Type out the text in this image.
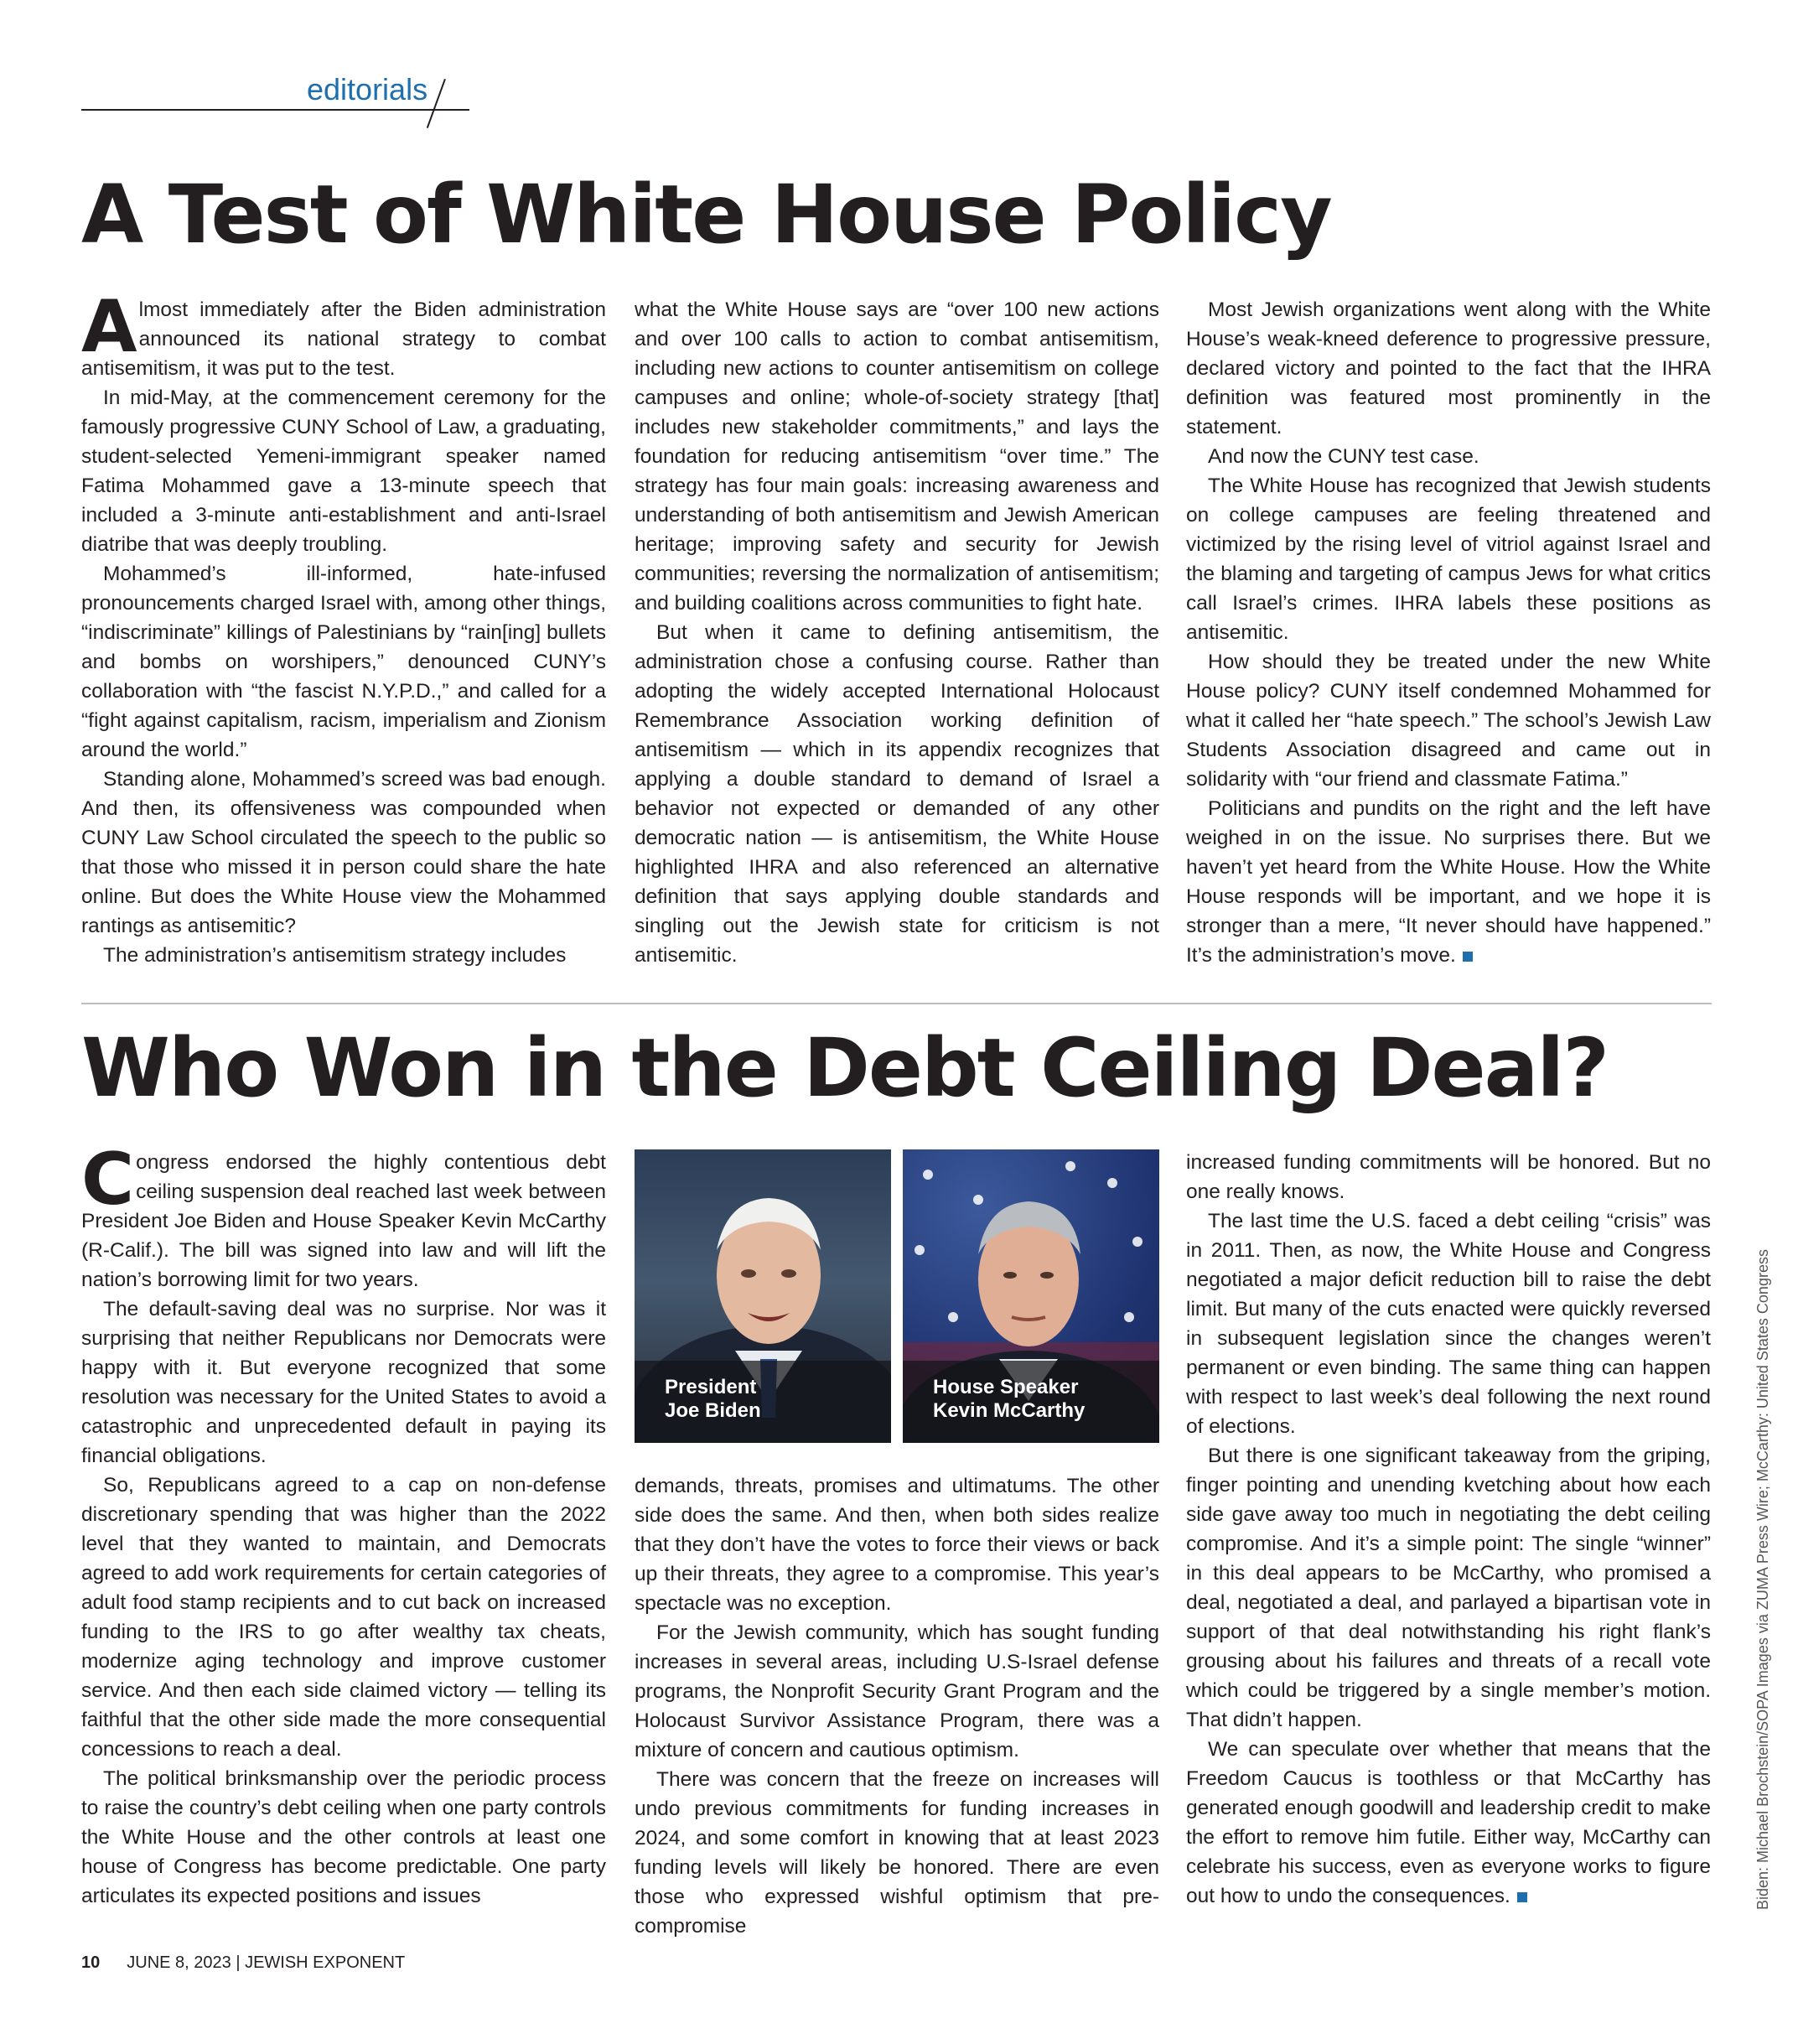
editorials
A Test of White House Policy

Almost immediately after the Biden administration announced its national strategy to combat antisemitism, it was put to the test.

In mid-May, at the commencement ceremony for the famously progressive CUNY School of Law, a graduating, student-selected Yemeni-immigrant speaker named Fatima Mohammed gave a 13-minute speech that included a 3-minute anti-establishment and anti-Israel diatribe that was deeply troubling.

Mohammed’s ill-informed, hate-infused pronouncements charged Israel with, among other things, “indiscriminate” killings of Palestinians by “rain[ing] bullets and bombs on worshipers,” denounced CUNY’s collaboration with “the fascist N.Y.P.D.,” and called for a “fight against capitalism, racism, imperialism and Zionism around the world.”

Standing alone, Mohammed’s screed was bad enough. And then, its offensiveness was compounded when CUNY Law School circulated the speech to the public so that those who missed it in person could share the hate online. But does the White House view the Mohammed rantings as antisemitic?

The administration’s antisemitism strategy includes

what the White House says are “over 100 new actions and over 100 calls to action to combat antisemitism, including new actions to counter antisemitism on college campuses and online; whole-of-society strategy [that] includes new stakeholder commitments,” and lays the foundation for reducing antisemitism “over time.” The strategy has four main goals: increasing awareness and understanding of both antisemitism and Jewish American heritage; improving safety and security for Jewish communities; reversing the normalization of antisemitism; and building coalitions across communities to fight hate.

But when it came to defining antisemitism, the administration chose a confusing course. Rather than adopting the widely accepted International Holocaust Remembrance Association working definition of antisemitism — which in its appendix recognizes that applying a double standard to demand of Israel a behavior not expected or demanded of any other democratic nation — is antisemitism, the White House highlighted IHRA and also referenced an alternative definition that says applying double standards and singling out the Jewish state for criticism is not antisemitic.

Most Jewish organizations went along with the White House’s weak-kneed deference to progressive pressure, declared victory and pointed to the fact that the IHRA definition was featured most prominently in the statement.

And now the CUNY test case.

The White House has recognized that Jewish students on college campuses are feeling threatened and victimized by the rising level of vitriol against Israel and the blaming and targeting of campus Jews for what critics call Israel’s crimes. IHRA labels these positions as antisemitic.

How should they be treated under the new White House policy? CUNY itself condemned Mohammed for what it called her “hate speech.” The school’s Jewish Law Students Association disagreed and came out in solidarity with “our friend and classmate Fatima.”

Politicians and pundits on the right and the left have weighed in on the issue. No surprises there. But we haven’t yet heard from the White House. How the White House responds will be important, and we hope it is stronger than a mere, “It never should have happened.” It’s the administration’s move.

Who Won in the Debt Ceiling Deal?

Congress endorsed the highly contentious debt ceiling suspension deal reached last week between President Joe Biden and House Speaker Kevin McCarthy (R-Calif.). The bill was signed into law and will lift the nation’s borrowing limit for two years.

The default-saving deal was no surprise. Nor was it surprising that neither Republicans nor Democrats were happy with it. But everyone recognized that some resolution was necessary for the United States to avoid a catastrophic and unprecedented default in paying its financial obligations.

So, Republicans agreed to a cap on non-defense discretionary spending that was higher than the 2022 level that they wanted to maintain, and Democrats agreed to add work requirements for certain categories of adult food stamp recipients and to cut back on increased funding to the IRS to go after wealthy tax cheats, modernize aging technology and improve customer service. And then each side claimed victory — telling its faithful that the other side made the more consequential concessions to reach a deal.

The political brinksmanship over the periodic process to raise the country’s debt ceiling when one party controls the White House and the other controls at least one house of Congress has become predictable. One party articulates its expected positions and issues

President
Joe Biden
House Speaker
Kevin McCarthy

demands, threats, promises and ultimatums. The other side does the same. And then, when both sides realize that they don’t have the votes to force their views or back up their threats, they agree to a compromise. This year’s spectacle was no exception.

For the Jewish community, which has sought funding increases in several areas, including U.S-Israel defense programs, the Nonprofit Security Grant Program and the Holocaust Survivor Assistance Program, there was a mixture of concern and cautious optimism.

There was concern that the freeze on increases will undo previous commitments for funding increases in 2024, and some comfort in knowing that at least 2023 funding levels will likely be honored. There are even those who expressed wishful optimism that pre-compromise

increased funding commitments will be honored. But no one really knows.

The last time the U.S. faced a debt ceiling “crisis” was in 2011. Then, as now, the White House and Congress negotiated a major deficit reduction bill to raise the debt limit. But many of the cuts enacted were quickly reversed in subsequent legislation since the changes weren’t permanent or even binding. The same thing can happen with respect to last week’s deal following the next round of elections.

But there is one significant takeaway from the griping, finger pointing and unending kvetching about how each side gave away too much in negotiating the debt ceiling compromise. And it’s a simple point: The single “winner” in this deal appears to be McCarthy, who promised a deal, negotiated a deal, and parlayed a bipartisan vote in support of that deal notwithstanding his right flank’s grousing about his failures and threats of a recall vote which could be triggered by a single member’s motion. That didn’t happen.

We can speculate over whether that means that the Freedom Caucus is toothless or that McCarthy has generated enough goodwill and leadership credit to make the effort to remove him futile. Either way, McCarthy can celebrate his success, even as everyone works to figure out how to undo the consequences.	Biden: Michael Brochstein/SOPA Images via ZUMA Press Wire; McCarthy: United States Congress
10 JUNE 8, 2023 | JEWISH EXPONENT
